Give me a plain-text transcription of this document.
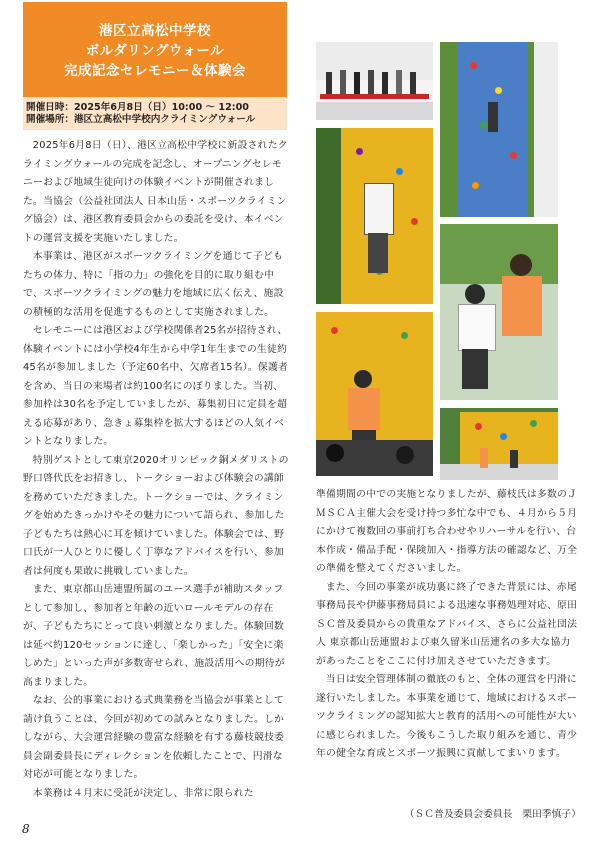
港区立高松中学校
ボルダリングウォール
完成記念セレモニー＆体験会
開催日時：2025年6月8日（日）10:00 〜 12:00
開催場所：港区立高松中学校内クライミングウォール

2025年6月8日（日）、港区立高松中学校に新設されたクライミングウォールの完成を記念し、オープニングセレモニーおよび地域生徒向けの体験イベントが開催されました。当協会（公益社団法人 日本山岳・スポーツクライミング協会）は、港区教育委員会からの委託を受け、本イベントの運営支援を実施いたしました。

本事業は、港区がスポーツクライミングを通じて子どもたちの体力、特に「指の力」の強化を目的に取り組む中で、スポーツクライミングの魅力を地域に広く伝え、施設の積極的な活用を促進するものとして実施されました。

セレモニーには港区および学校関係者25名が招待され、体験イベントには小学校4年生から中学1年生までの生徒約45名が参加しました（予定60名中、欠席者15名）。保護者を含め、当日の来場者は約100名にのぼりました。当初、参加枠は30名を予定していましたが、募集初日に定員を超える応募があり、急きょ募集枠を拡大するほどの人気イベントとなりました。

特別ゲストとして東京2020オリンピック銅メダリストの野口啓代氏をお招きし、トークショーおよび体験会の講師を務めていただきました。トークショーでは、クライミングを始めたきっかけやその魅力について語られ、参加した子どもたちは熱心に耳を傾けていました。体験会では、野口氏が一人ひとりに優しく丁寧なアドバイスを行い、参加者は何度も果敢に挑戦していました。

また、東京都山岳連盟所属のユース選手が補助スタッフとして参加し、参加者と年齢の近いロールモデルの存在が、子どもたちにとって良い刺激となりました。体験回数は延べ約120セッションに達し、「楽しかった」「安全に楽しめた」といった声が多数寄せられ、施設活用への期待が高まりました。

なお、公的事業における式典業務を当協会が事業として請け負うことは、今回が初めての試みとなりました。しかしながら、大会運営経験の豊富な経験を有する藤枝競技委員会副委員長にディレクションを依頼したことで、円滑な対応が可能となりました。

本業務は４月末に受託が決定し、非常に限られた

準備期間の中での実施となりましたが、藤枝氏は多数のＪＭＳＣＡ主催大会を受け持つ多忙な中でも、４月から５月にかけて複数回の事前打ち合わせやリハーサルを行い、台本作成・備品手配・保険加入・指導方法の確認など、万全の準備を整えてくださいました。

また、今回の事業が成功裏に終了できた背景には、赤尾事務局長や伊藤事務局員による迅速な事務処理対応、原田ＳＣ普及委員からの貴重なアドバイス、さらに公益社団法人 東京都山岳連盟および東久留米山岳連名の多大な協力があったことをここに付け加えさせていただきます。

当日は安全管理体制の徹底のもと、全体の運営を円滑に遂行いたしました。本事業を通じて、地域におけるスポーツクライミングの認知拡大と教育的活用への可能性が大いに感じられました。今後もこうした取り組みを通じ、青少年の健全な育成とスポーツ振興に貢献してまいります。

（ＳＣ普及委員会委員長　栗田季慎子）
8
